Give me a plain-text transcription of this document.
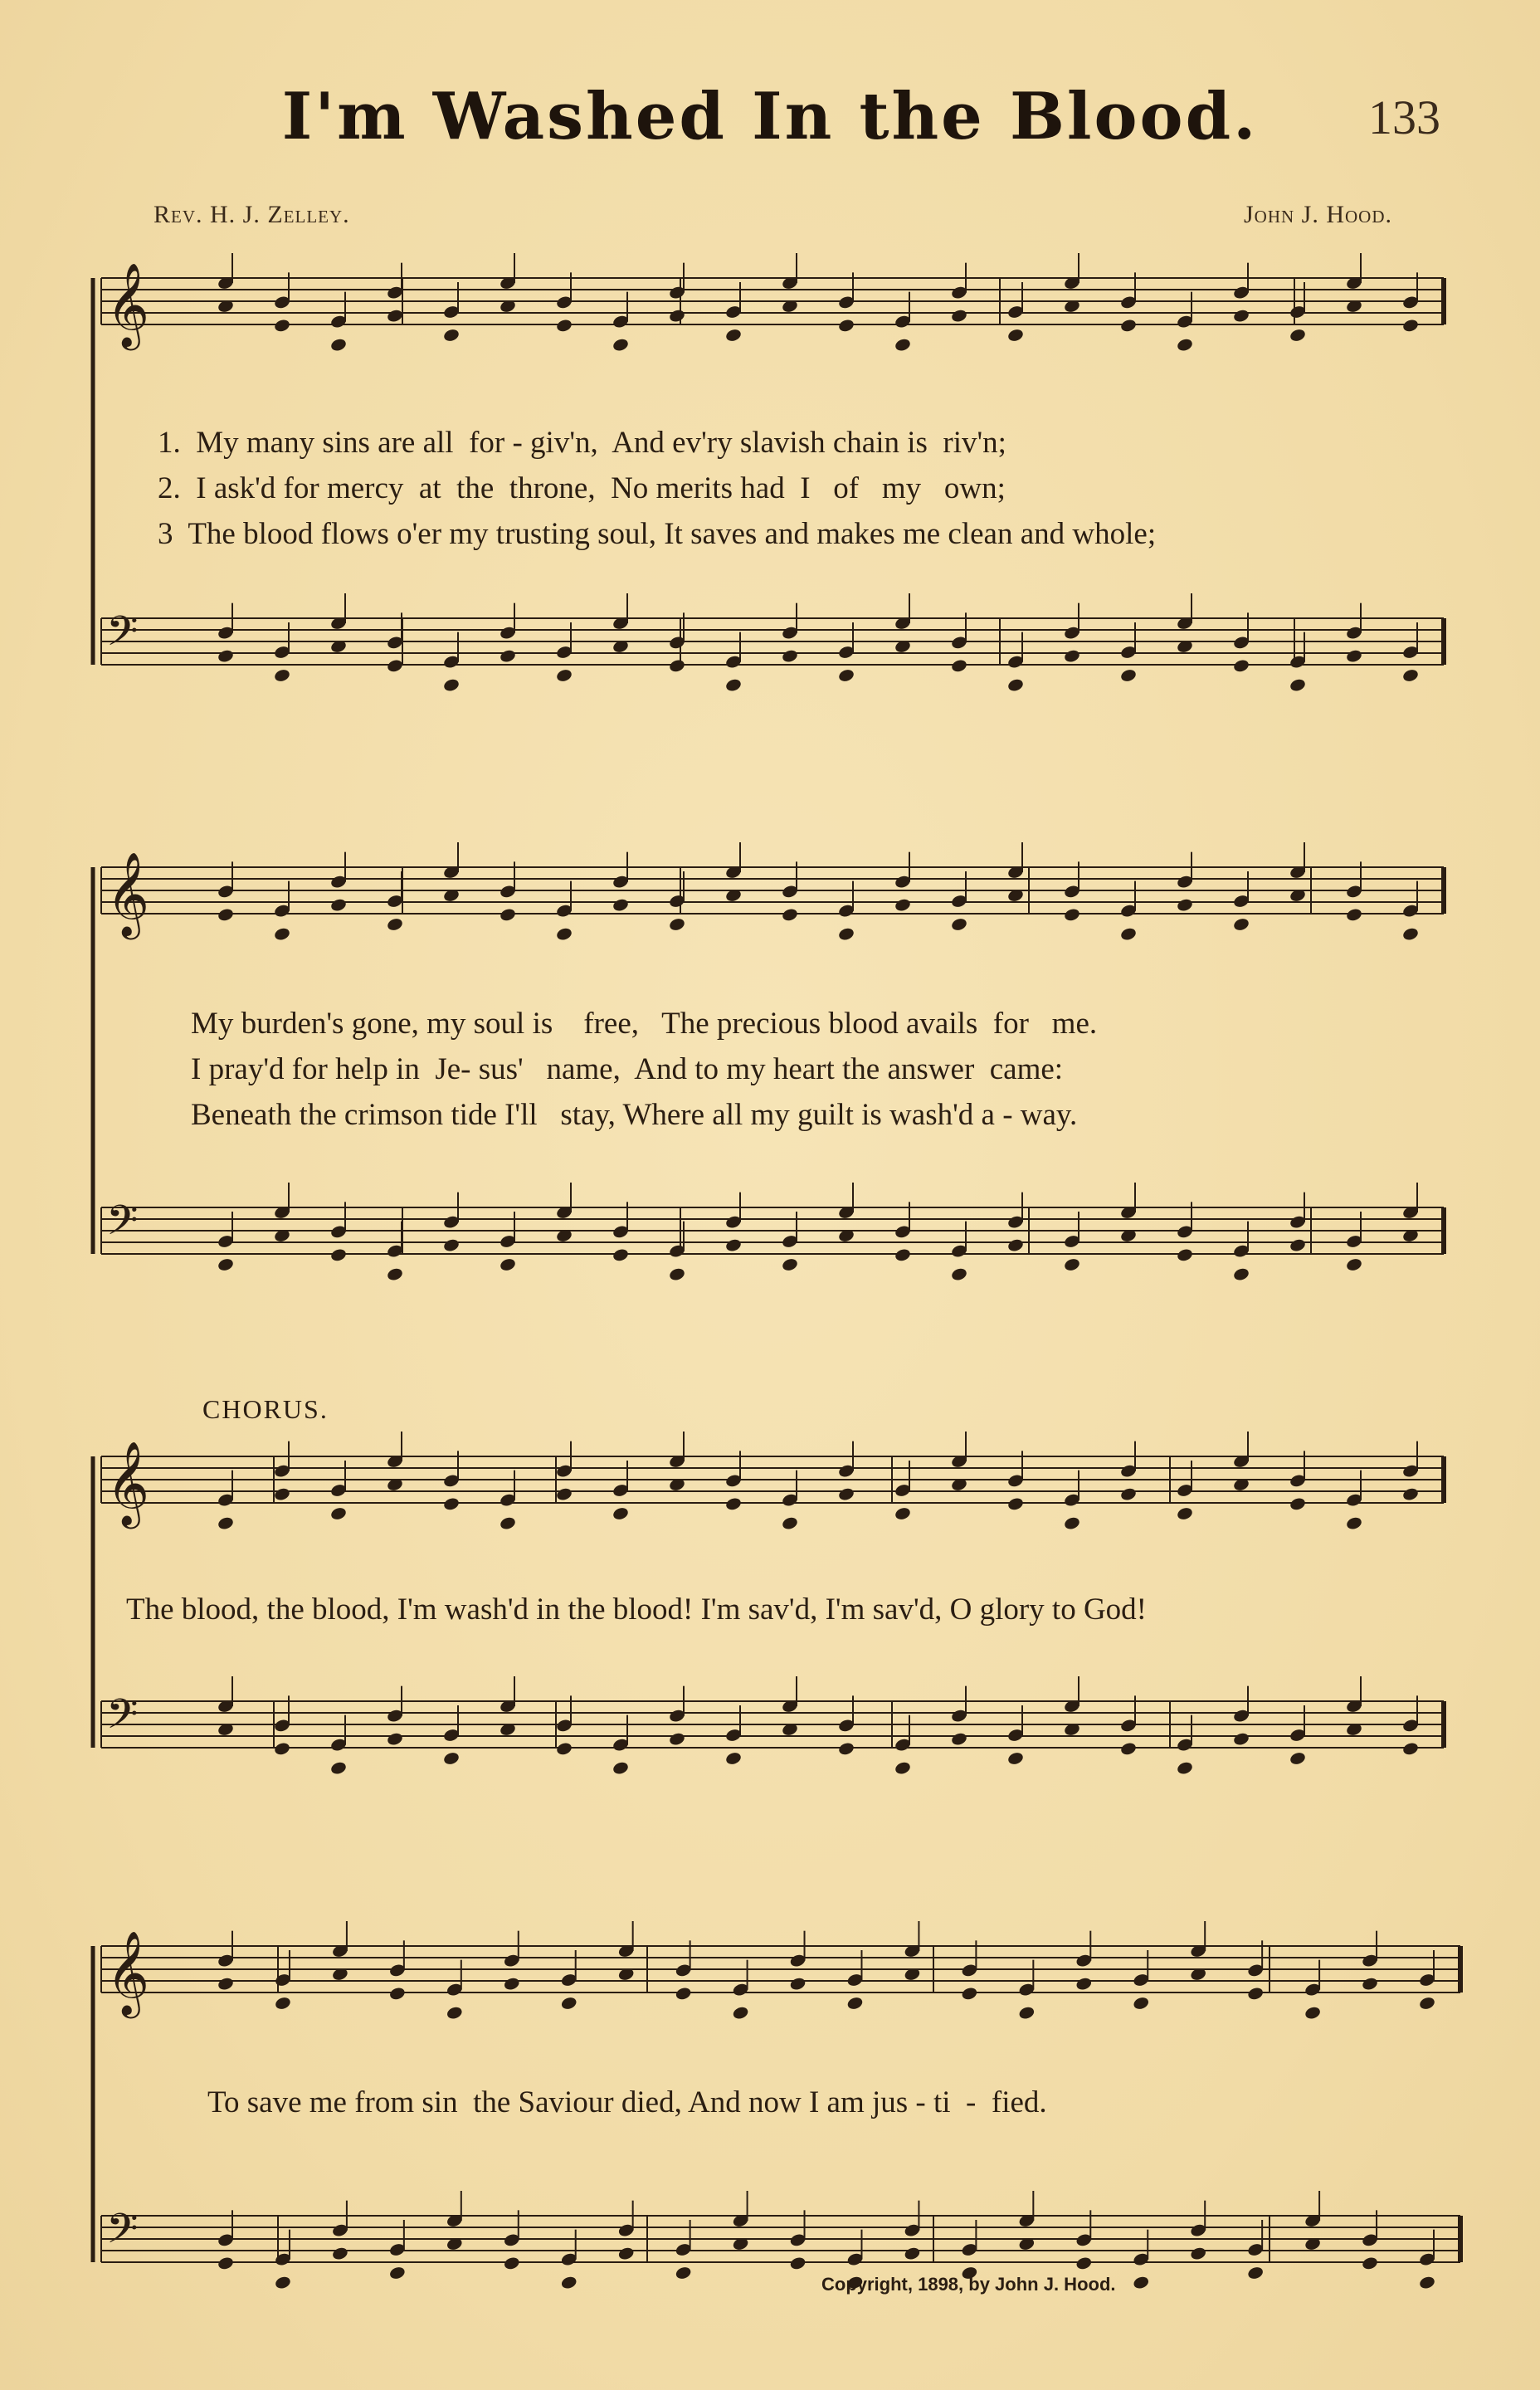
I'm Washed In the Blood.	133
Rev. H. J. Zelley.	John J. Hood.
𝄞
𝄢
𝄞
𝄢
𝄞
𝄢
𝄞
𝄢
1.  My many sins are all  for - giv'n,  And ev'ry slavish chain is  riv'n;
2.  I ask'd for mercy  at  the  throne,  No merits had  I   of   my   own;
3  The blood flows o'er my trusting soul, It saves and makes me clean and whole;
My burden's gone, my soul is    free,   The precious blood avails  for   me.
I pray'd for help in  Je- sus'   name,  And to my heart the answer  came:
Beneath the crimson tide I'll   stay, Where all my guilt is wash'd a - way.
CHORUS.
The blood, the blood, I'm wash'd in the blood! I'm sav'd, I'm sav'd, O glory to God!
To save me from sin  the Saviour died, And now I am jus - ti  -  fied.
Copyright, 1898, by John J. Hood.
